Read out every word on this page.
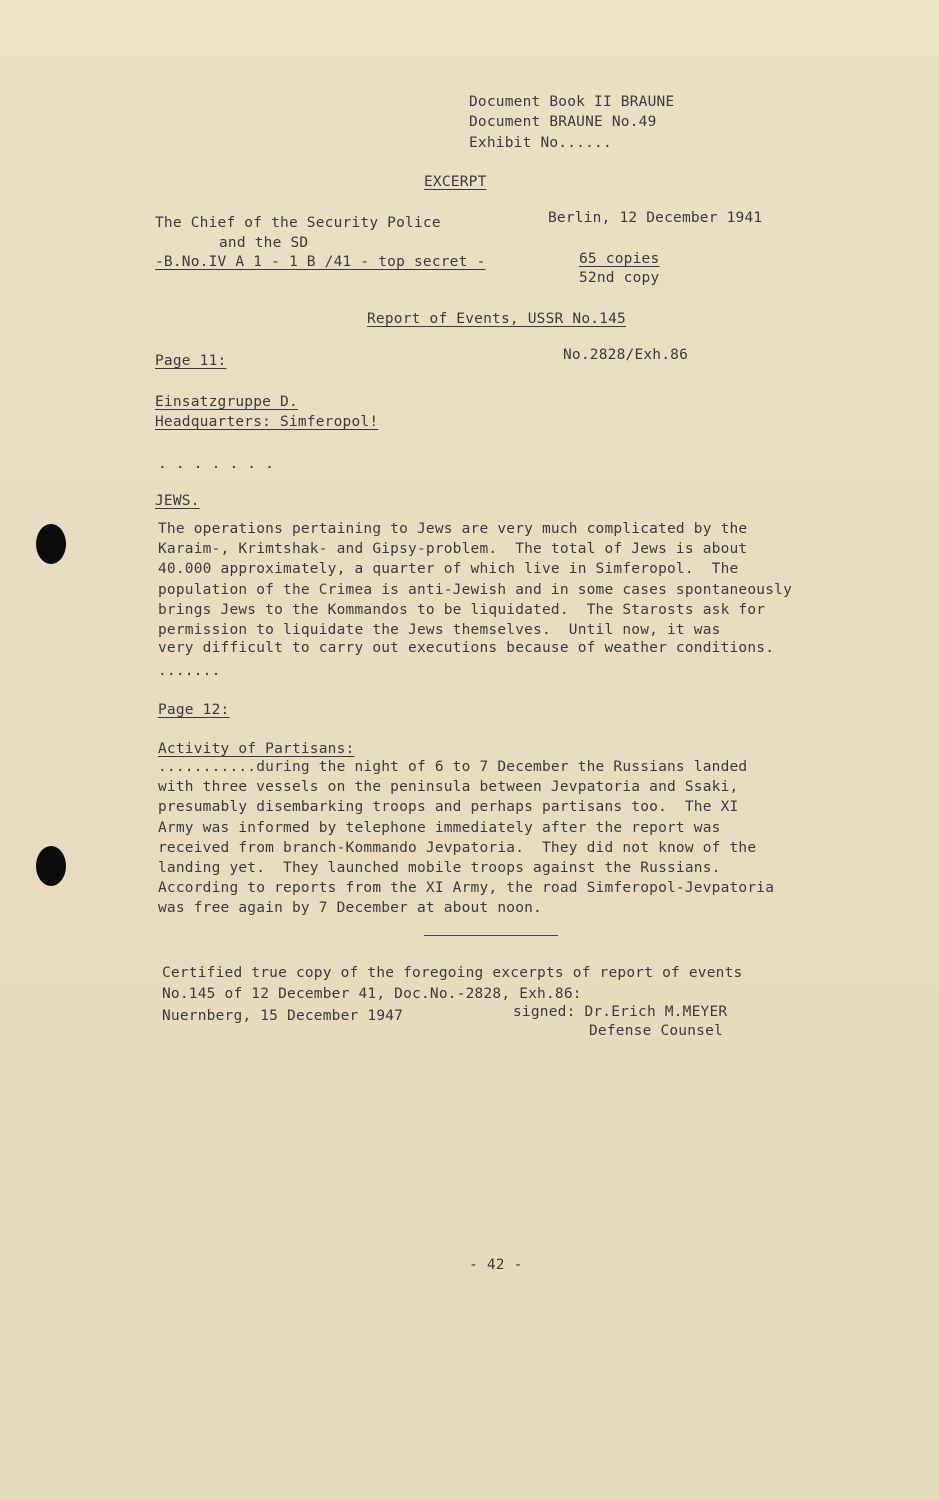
Document Book II BRAUNE
Document BRAUNE No.49
Exhibit No......
EXCERPT
The Chief of the Security Police
and the SD
-B.No.IV A 1 - 1 B /41 - top secret -
Berlin, 12 December 1941
65 copies
52nd copy
Report of Events, USSR No.145
Page 11:	No.2828/Exh.86
Einsatzgruppe D.
Headquarters: Simferopol!
. . . . . . .
JEWS.
The operations pertaining to Jews are very much complicated by the
Karaim-, Krimtshak- and Gipsy-problem.  The total of Jews is about
40.000 approximately, a quarter of which live in Simferopol.  The
population of the Crimea is anti-Jewish and in some cases spontaneously
brings Jews to the Kommandos to be liquidated.  The Starosts ask for
permission to liquidate the Jews themselves.  Until now, it was
very difficult to carry out executions because of weather conditions.
.......
Page 12:
Activity of Partisans:
...........during the night of 6 to 7 December the Russians landed
with three vessels on the peninsula between Jevpatoria and Ssaki,
presumably disembarking troops and perhaps partisans too.  The XI
Army was informed by telephone immediately after the report was
received from branch-Kommando Jevpatoria.  They did not know of the
landing yet.  They launched mobile troops against the Russians.
According to reports from the XI Army, the road Simferopol-Jevpatoria
was free again by 7 December at about noon.
Certified true copy of the foregoing excerpts of report of events
No.145 of 12 December 41, Doc.No.-2828, Exh.86:
Nuernberg, 15 December 1947	signed: Dr.Erich M.MEYER
Defense Counsel
- 42 -
